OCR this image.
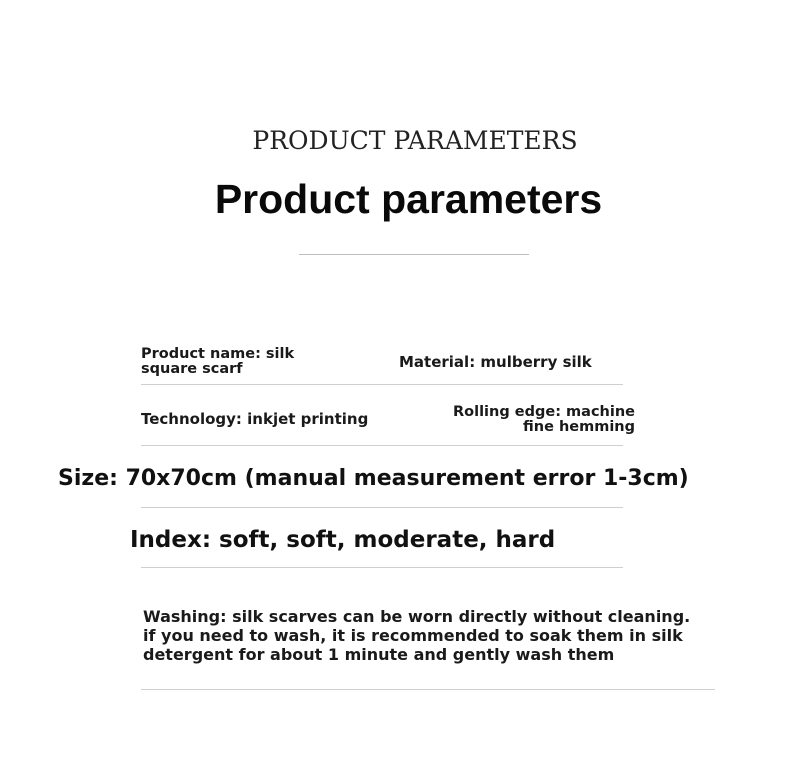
PRODUCT PARAMETERS
Product parameters
Product name: silk square scarf	Material: mulberry silk
Technology: inkjet printing	Rolling edge: machine fine hemming
Size: 70x70cm (manual measurement error 1-3cm)
Index: soft, soft, moderate, hard
Washing: silk scarves can be worn directly without cleaning. if you need to wash, it is recommended to soak them in silk detergent for about 1 minute and gently wash them
